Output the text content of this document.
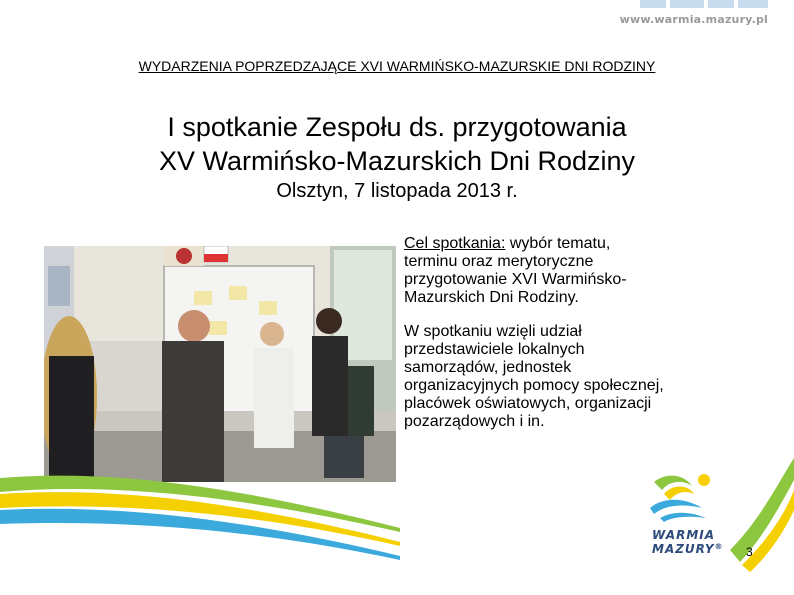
www.warmia.mazury.pl
WYDARZENIA POPRZEDZAJĄCE XVI WARMIŃSKO-MAZURSKIE DNI RODZINY
I spotkanie Zespołu ds. przygotowania
XV Warmińsko-Mazurskich Dni Rodziny
Olsztyn, 7 listopada 2013 r.
Cel spotkania: wybór tematu,
terminu oraz merytoryczne
przygotowanie XVI Warmińsko-
Mazurskich Dni Rodziny.
W spotkaniu wzięli udział
przedstawiciele lokalnych
samorządów, jednostek
organizacyjnych pomocy społecznej,
placówek oświatowych, organizacji
pozarządowych i in.
WARMIA
MAZURY® 3
